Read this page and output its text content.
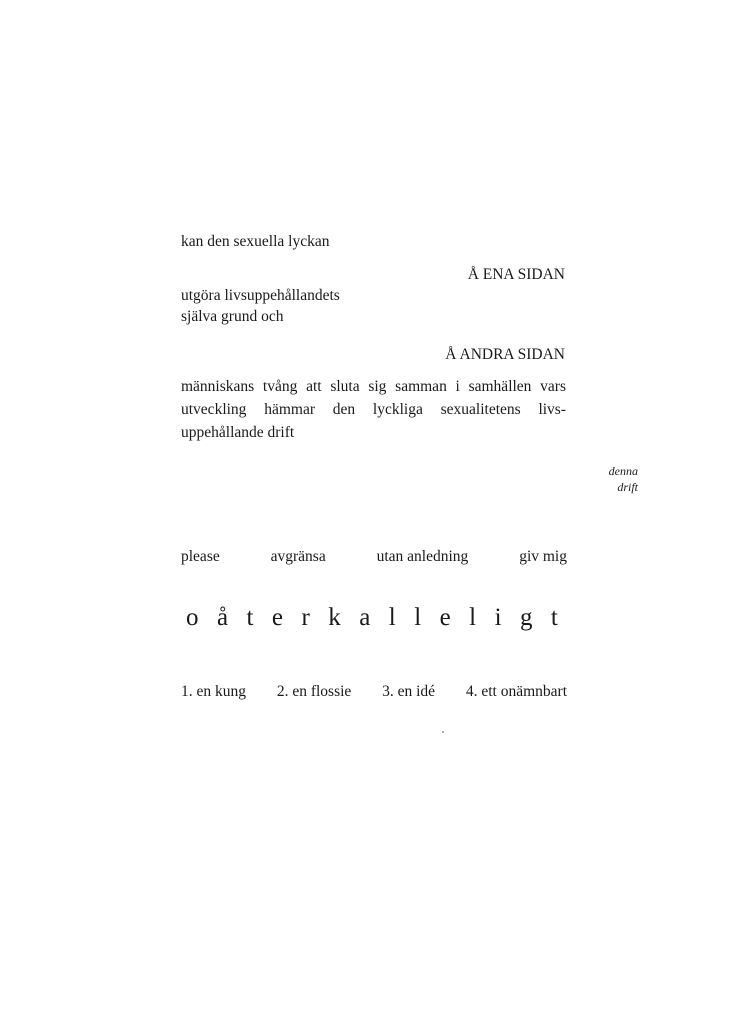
kan den sexuella lyckan
Å ENA SIDAN
utgöra livsuppehållandets
själva grund och
Å ANDRA SIDAN
människans tvång att sluta sig samman i samhällen vars
utveckling hämmar den lyckliga sexualitetens livs-
uppehållande drift
denna
drift
please	avgränsa	utan anledning	giv mig
o å t e r k a l l e l i g t
1. en kung 2. en flossie 3. en idé 4. ett onämnbart
